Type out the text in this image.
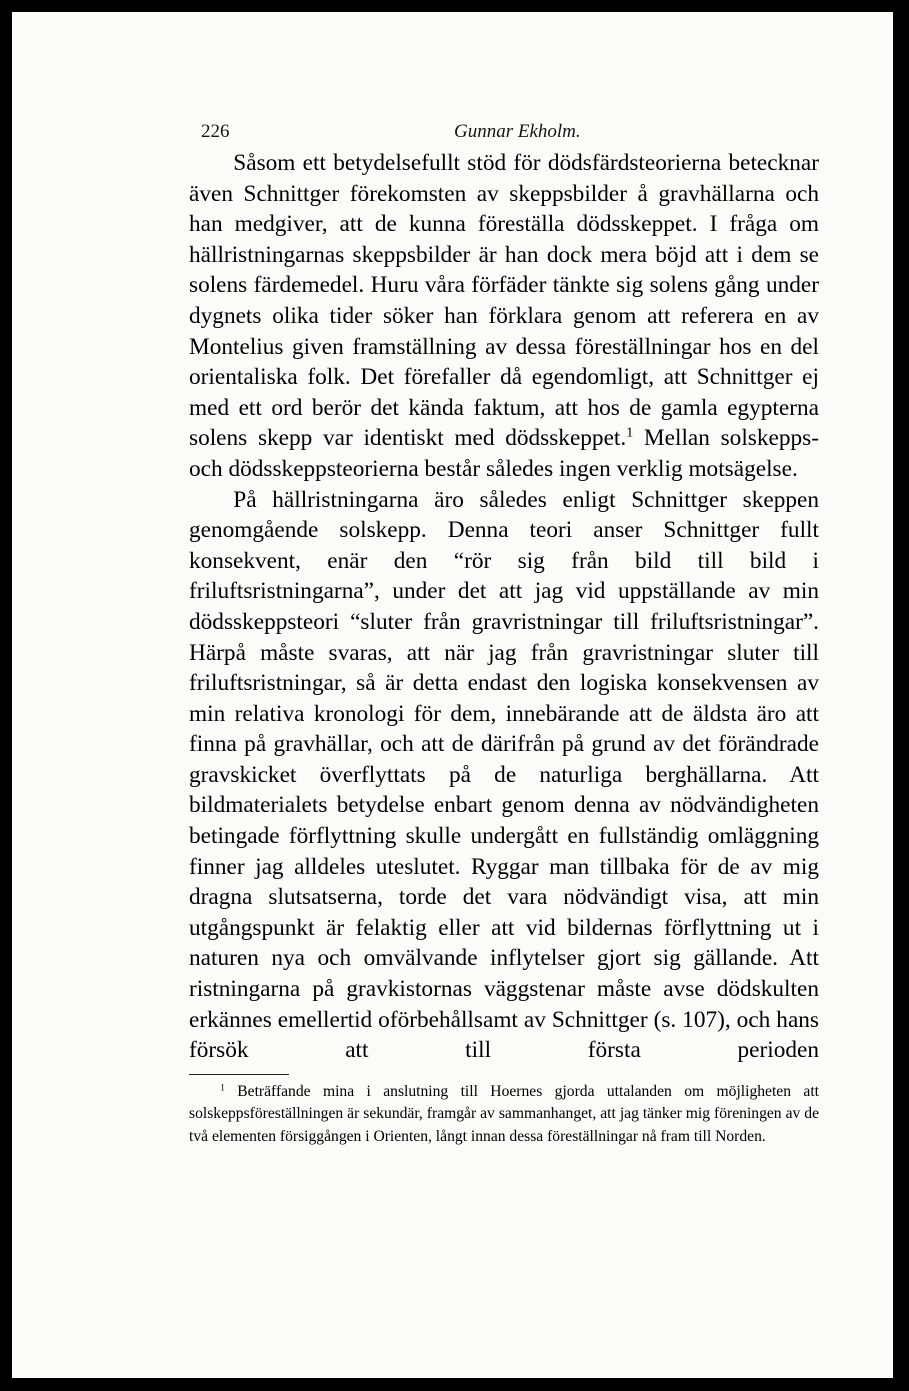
226	Gunnar Ekholm.

Såsom ett betydelsefullt stöd för dödsfärdsteorierna betecknar även Schnittger förekomsten av skeppsbilder å gravhällarna och han medgiver, att de kunna föreställa dödsskeppet. I fråga om hällristningarnas skeppsbilder är han dock mera böjd att i dem se solens färdemedel. Huru våra förfäder tänkte sig solens gång under dygnets olika tider söker han förklara genom att referera en av Montelius given framställning av dessa föreställningar hos en del orientaliska folk. Det förefaller då egendomligt, att Schnittger ej med ett ord berör det kända faktum, att hos de gamla egypterna solens skepp var identiskt med dödsskeppet.$^1$ Mellan solskepps- och dödsskeppsteorierna består således ingen verklig motsägelse.

På hällristningarna äro således enligt Schnittger skeppen genomgående solskepp. Denna teori anser Schnittger fullt konsekvent, enär den “rör sig från bild till bild i friluftsristningarna”, under det att jag vid uppställande av min dödsskeppsteori “sluter från gravristningar till friluftsristningar”. Härpå måste svaras, att när jag från gravristningar sluter till friluftsristningar, så är detta endast den logiska konsekvensen av min relativa kronologi för dem, innebärande att de äldsta äro att finna på gravhällar, och att de därifrån på grund av det förändrade gravskicket överflyttats på de naturliga berghällarna. Att bildmaterialets betydelse enbart genom denna av nödvändigheten betingade förflyttning skulle undergått en fullständig omläggning finner jag alldeles uteslutet. Ryggar man tillbaka för de av mig dragna slutsatserna, torde det vara nödvändigt visa, att min utgångspunkt är felaktig eller att vid bildernas förflyttning ut i naturen nya och omvälvande inflytelser gjort sig gällande. Att ristningarna på gravkistornas väggstenar måste avse dödskulten erkännes emellertid oförbehållsamt av Schnittger (s. 107), och hans försök att till första perioden

$^1$ Beträffande mina i anslutning till Hoernes gjorda uttalanden om möjligheten att solskeppsföreställningen är sekundär, framgår av sammanhanget, att jag tänker mig föreningen av de två elementen försiggången i Orienten, långt innan dessa föreställningar nå fram till Norden.
